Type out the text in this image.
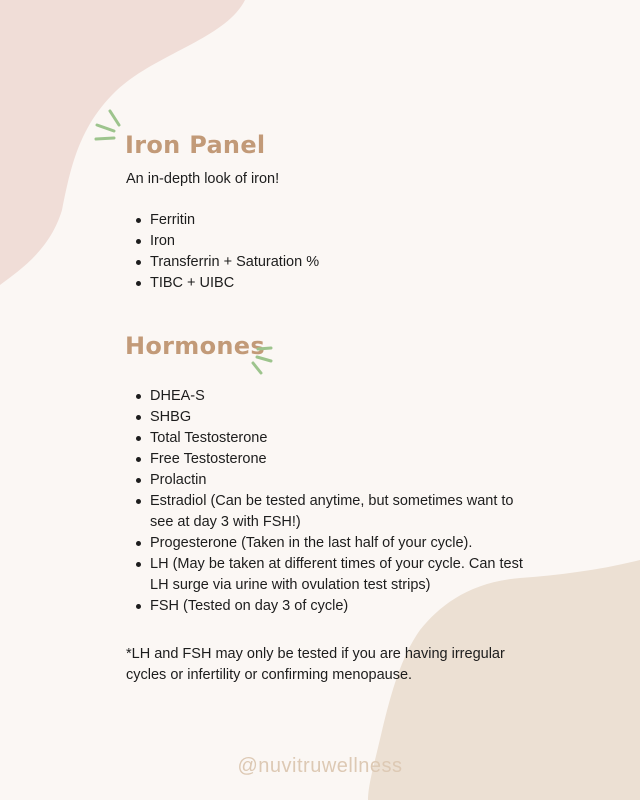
Iron Panel

An in-depth look of iron!

Ferritin
Iron
Transferrin + Saturation %
TIBC + UIBC
Hormones
DHEA-S
SHBG
Total Testosterone
Free Testosterone
Prolactin
Estradiol (Can be tested anytime, but sometimes want to see at day 3 with FSH!)
Progesterone (Taken in the last half of your cycle).
LH (May be taken at different times of your cycle. Can test LH surge via urine with ovulation test strips)
FSH (Tested on day 3 of cycle)

*LH and FSH may only be tested if you are having irregular cycles or infertility or confirming menopause.

@nuvitruwellness
